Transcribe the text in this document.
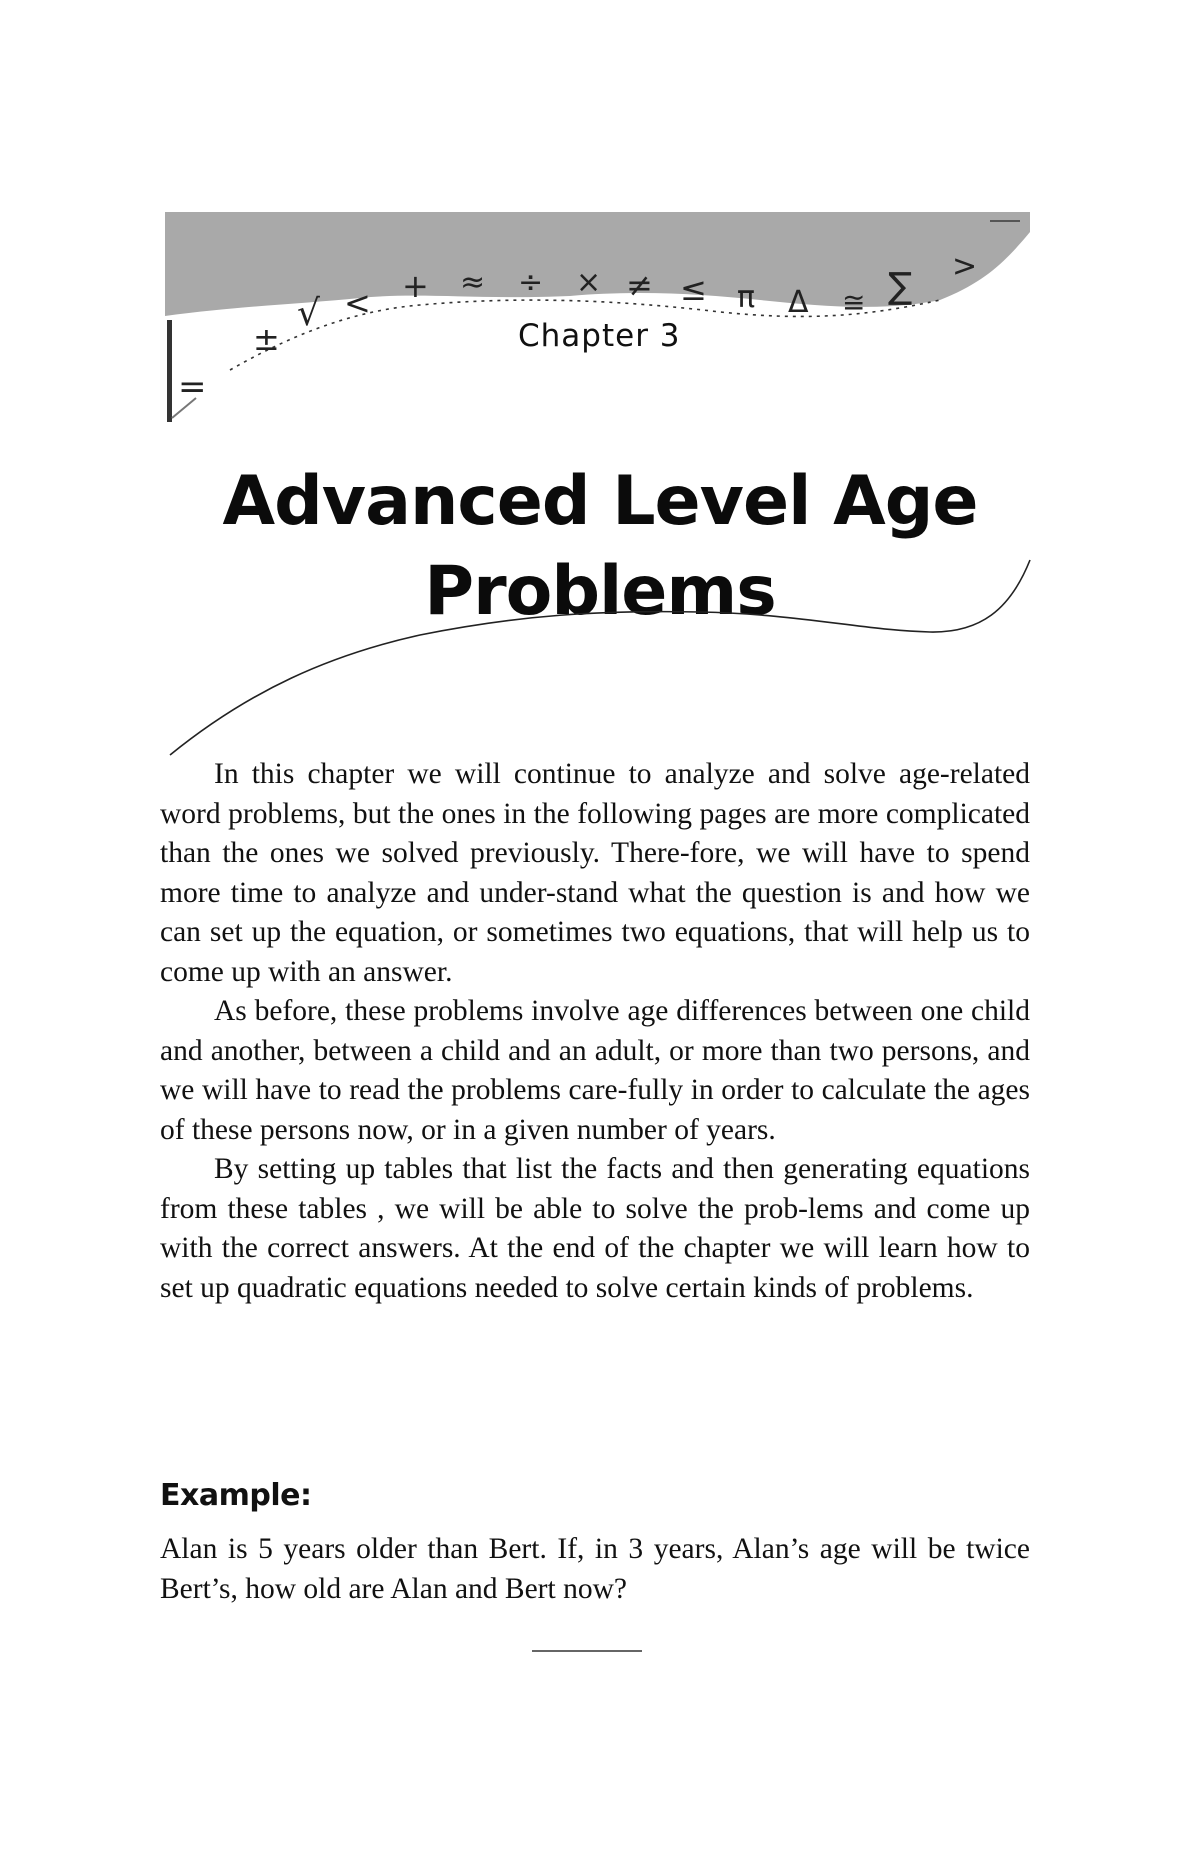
=
±
√ < + ≈ ÷ × ≠ ≤ π Δ ≅ ∑ >
Chapter 3
Advanced Level Age
Problems

In this chapter we will continue to analyze and solve age-related word problems, but the ones in the following pages are more complicated than the ones we solved previously. There-fore, we will have to spend more time to analyze and under-stand what the question is and how we can set up the equation, or sometimes two equations, that will help us to come up with an answer.

As before, these problems involve age differences between one child and another, between a child and an adult, or more than two persons, and we will have to read the problems care-fully in order to calculate the ages of these persons now, or in a given number of years.

By setting up tables that list the facts and then generating equations from these tables , we will be able to solve the prob-lems and come up with the correct answers. At the end of the chapter we will learn how to set up quadratic equations needed to solve certain kinds of problems.

Example:

Alan is 5 years older than Bert. If, in 3 years, Alan’s age will be twice Bert’s, how old are Alan and Bert now?
